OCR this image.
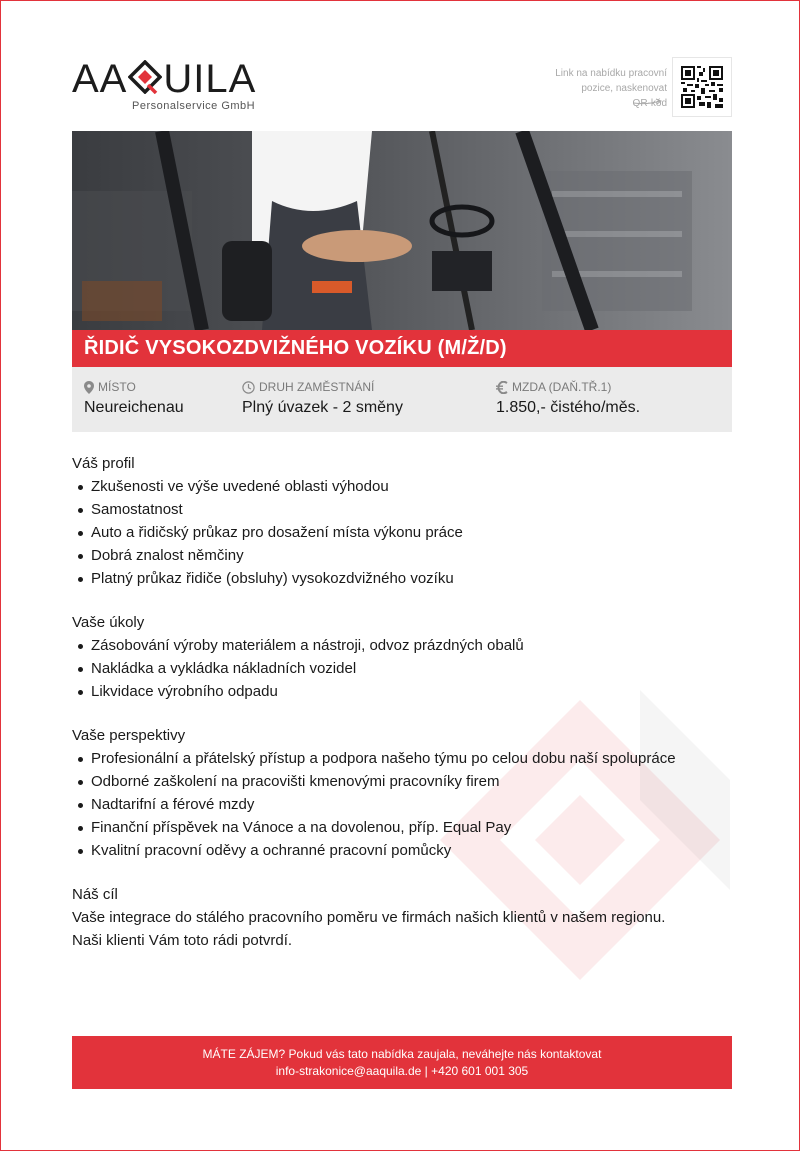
AA UILA
Personalservice GmbH
Link na nabídku pracovní
pozice, naskenovat
QR-kód
ŘIDIČ VYSOKOZDVIŽNÉHO VOZÍKU (M/Ž/D)
MÍSTO
Neureichenau
DRUH ZAMĚSTNÁNÍ
Plný úvazek - 2 směny
MZDA (DAŇ.TŘ.1)
1.850,- čistého/měs.
Váš profil
Zkušenosti ve výše uvedené oblasti výhodou
Samostatnost
Auto a řidičský průkaz pro dosažení místa výkonu práce
Dobrá znalost němčiny
Platný průkaz řidiče (obsluhy) vysokozdvižného vozíku
Vaše úkoly
Zásobování výroby materiálem a nástroji, odvoz prázdných obalů
Nakládka a vykládka nákladních vozidel
Likvidace výrobního odpadu
Vaše perspektivy
Profesionální a přátelský přístup a podpora našeho týmu po celou dobu naší spolupráce
Odborné zaškolení na pracovišti kmenovými pracovníky firem
Nadtarifní a férové mzdy
Finanční příspěvek na Vánoce a na dovolenou, příp. Equal Pay
Kvalitní pracovní oděvy a ochranné pracovní pomůcky
Náš cíl

Vaše integrace do stálého pracovního poměru ve firmách našich klientů v našem regionu.

Naši klienti Vám toto rádi potvrdí.

MÁTE ZÁJEM? Pokud vás tato nabídka zaujala, neváhejte nás kontaktovat
info-strakonice@aaquila.de | +420 601 001 305
